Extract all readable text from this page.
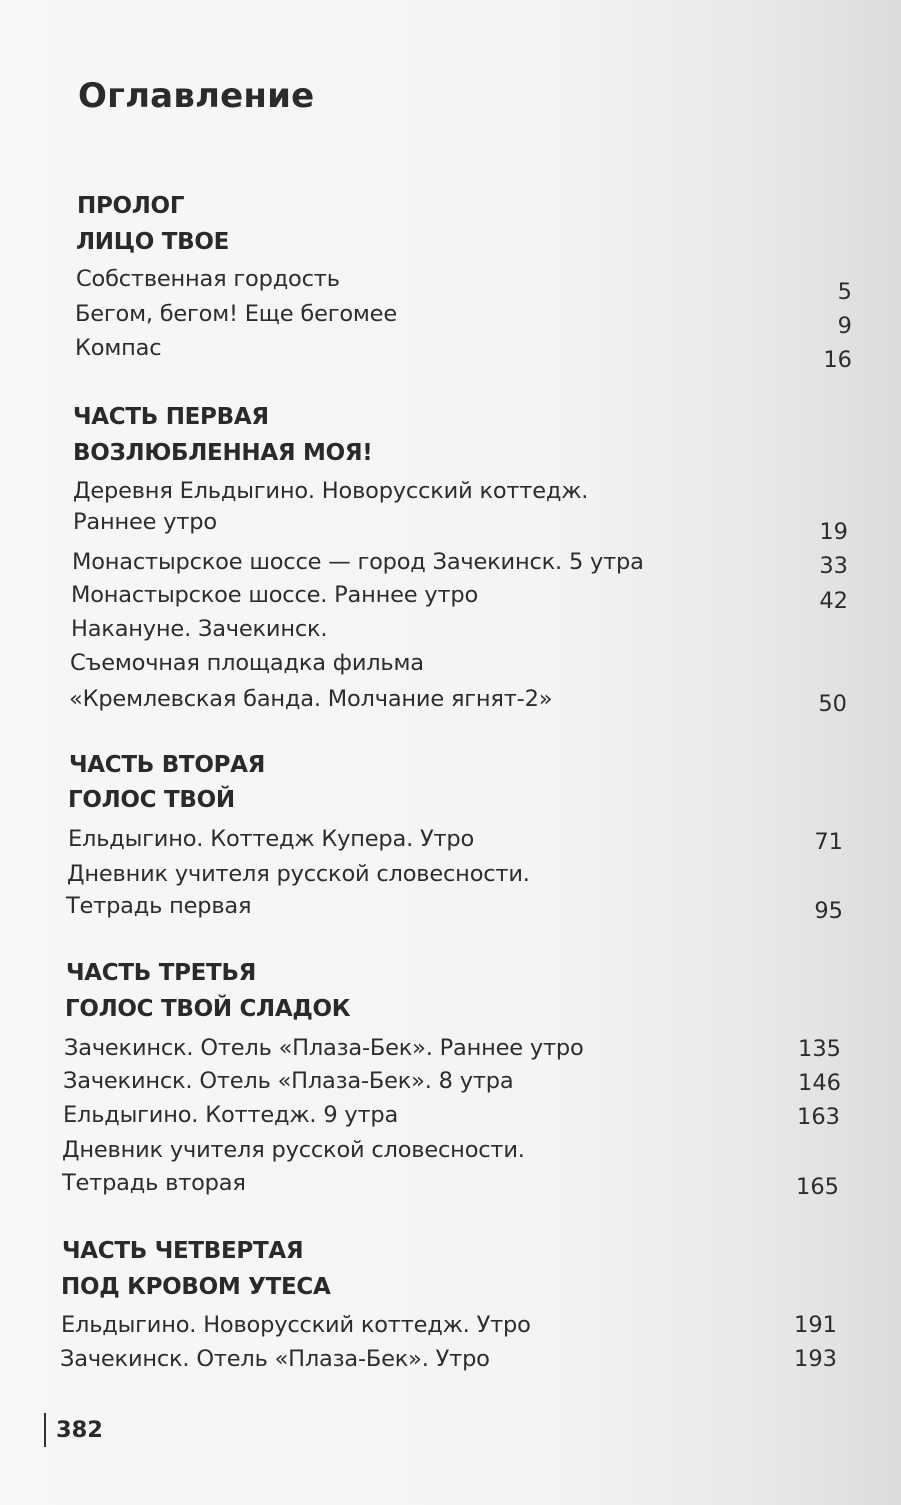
Оглавление
ПРОЛОГ
ЛИЦО ТВОЕ
Собственная гордость	5
Бегом, бегом! Еще бегомее	9
Компас	16
ЧАСТЬ ПЕРВАЯ
ВОЗЛЮБЛЕННАЯ МОЯ!
Деревня Ельдыгино. Новорусский коттедж.
Раннее утро	19
Монастырское шоссе — город Зачекинск. 5 утра	33
Монастырское шоссе. Раннее утро	42
Накануне. Зачекинск.
Съемочная площадка фильма
«Кремлевская банда. Молчание ягнят-2»	50
ЧАСТЬ ВТОРАЯ
ГОЛОС ТВОЙ
Ельдыгино. Коттедж Купера. Утро	71
Дневник учителя русской словесности.
Тетрадь первая	95
ЧАСТЬ ТРЕТЬЯ
ГОЛОС ТВОЙ СЛАДОК
Зачекинск. Отель «Плаза-Бек». Раннее утро	135
Зачекинск. Отель «Плаза-Бек». 8 утра	146
Ельдыгино. Коттедж. 9 утра	163
Дневник учителя русской словесности.
Тетрадь вторая	165
ЧАСТЬ ЧЕТВЕРТАЯ
ПОД КРОВОМ УТЕСА
Ельдыгино. Новорусский коттедж. Утро	191
Зачекинск. Отель «Плаза-Бек». Утро	193
382
